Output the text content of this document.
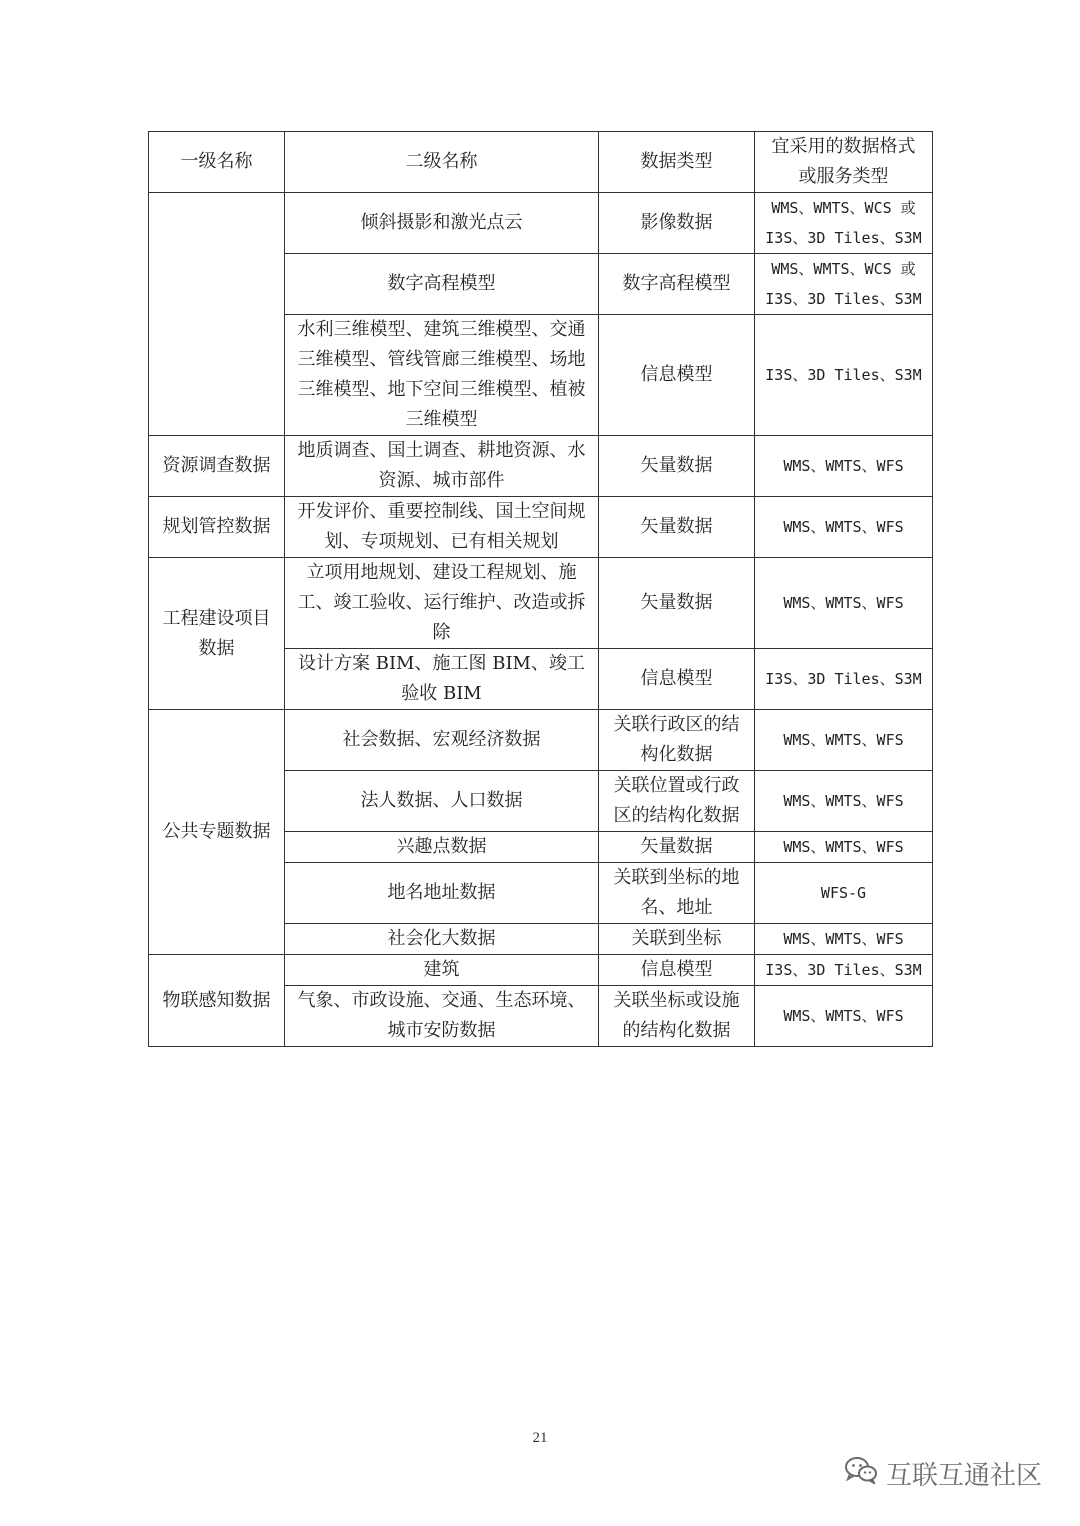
一级名称	二级名称	数据类型	宜采用的数据格式或服务类型
	倾斜摄影和激光点云	影像数据	WMS、WMTS、WCS 或 I3S、3D Tiles、S3M
	数字高程模型	数字高程模型	WMS、WMTS、WCS 或 I3S、3D Tiles、S3M
	水利三维模型、建筑三维模型、交通三维模型、管线管廊三维模型、场地三维模型、地下空间三维模型、植被三维模型	信息模型	I3S、3D Tiles、S3M
资源调查数据	地质调查、国土调查、耕地资源、水资源、城市部件	矢量数据	WMS、WMTS、WFS
规划管控数据	开发评价、重要控制线、国土空间规划、专项规划、已有相关规划	矢量数据	WMS、WMTS、WFS
工程建设项目数据	立项用地规划、建设工程规划、施工、竣工验收、运行维护、改造或拆除	矢量数据	WMS、WMTS、WFS
	设计方案 BIM、施工图 BIM、竣工验收 BIM	信息模型	I3S、3D Tiles、S3M
公共专题数据	社会数据、宏观经济数据	关联行政区的结构化数据	WMS、WMTS、WFS
	法人数据、人口数据	关联位置或行政区的结构化数据	WMS、WMTS、WFS
	兴趣点数据	矢量数据	WMS、WMTS、WFS
	地名地址数据	关联到坐标的地名、地址	WFS-G
	社会化大数据	关联到坐标	WMS、WMTS、WFS
物联感知数据	建筑	信息模型	I3S、3D Tiles、S3M
	气象、市政设施、交通、生态环境、城市安防数据	关联坐标或设施的结构化数据	WMS、WMTS、WFS
21
互联互通社区
